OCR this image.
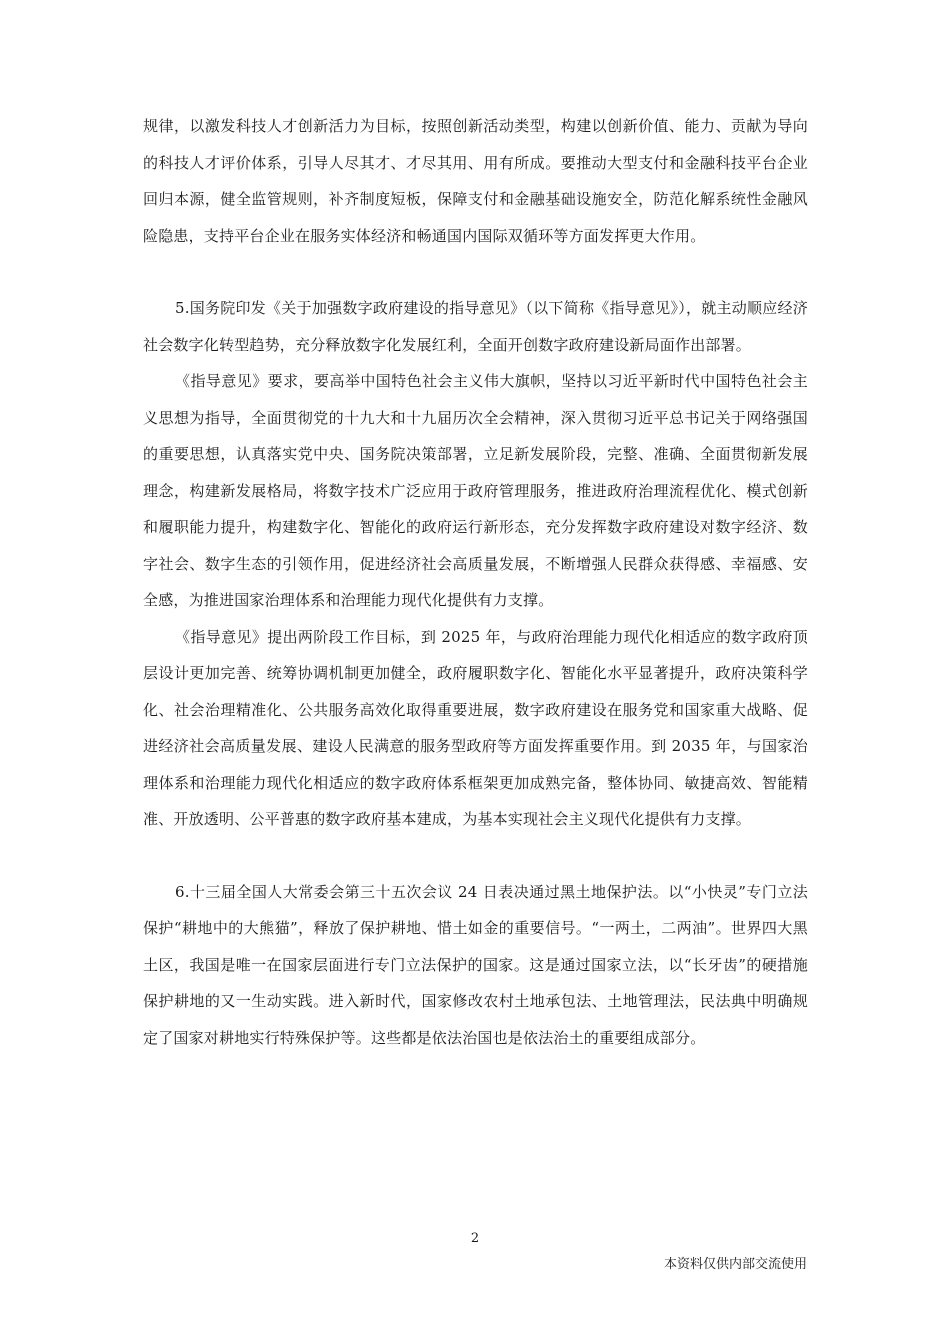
规律，以激发科技人才创新活力为目标，按照创新活动类型，构建以创新价值、能力、贡献为导向的科技人才评价体系，引导人尽其才、才尽其用、用有所成。要推动大型支付和金融科技平台企业回归本源，健全监管规则，补齐制度短板，保障支付和金融基础设施安全，防范化解系统性金融风险隐患，支持平台企业在服务实体经济和畅通国内国际双循环等方面发挥更大作用。

5.国务院印发《关于加强数字政府建设的指导意见》（以下简称《指导意见》），就主动顺应经济社会数字化转型趋势，充分释放数字化发展红利，全面开创数字政府建设新局面作出部署。

《指导意见》要求，要高举中国特色社会主义伟大旗帜，坚持以习近平新时代中国特色社会主义思想为指导，全面贯彻党的十九大和十九届历次全会精神，深入贯彻习近平总书记关于网络强国的重要思想，认真落实党中央、国务院决策部署，立足新发展阶段，完整、准确、全面贯彻新发展理念，构建新发展格局，将数字技术广泛应用于政府管理服务，推进政府治理流程优化、模式创新和履职能力提升，构建数字化、智能化的政府运行新形态，充分发挥数字政府建设对数字经济、数字社会、数字生态的引领作用，促进经济社会高质量发展，不断增强人民群众获得感、幸福感、安全感，为推进国家治理体系和治理能力现代化提供有力支撑。

《指导意见》提出两阶段工作目标，到 2025 年，与政府治理能力现代化相适应的数字政府顶层设计更加完善、统筹协调机制更加健全，政府履职数字化、智能化水平显著提升，政府决策科学化、社会治理精准化、公共服务高效化取得重要进展，数字政府建设在服务党和国家重大战略、促进经济社会高质量发展、建设人民满意的服务型政府等方面发挥重要作用。到 2035 年，与国家治理体系和治理能力现代化相适应的数字政府体系框架更加成熟完备，整体协同、敏捷高效、智能精准、开放透明、公平普惠的数字政府基本建成，为基本实现社会主义现代化提供有力支撑。

6.十三届全国人大常委会第三十五次会议 24 日表决通过黑土地保护法。以“小快灵”专门立法保护“耕地中的大熊猫”，释放了保护耕地、惜土如金的重要信号。“一两土，二两油”。世界四大黑土区，我国是唯一在国家层面进行专门立法保护的国家。这是通过国家立法，以“长牙齿”的硬措施保护耕地的又一生动实践。进入新时代，国家修改农村土地承包法、土地管理法，民法典中明确规定了国家对耕地实行特殊保护等。这些都是依法治国也是依法治土的重要组成部分。

2
本资料仅供内部交流使用
